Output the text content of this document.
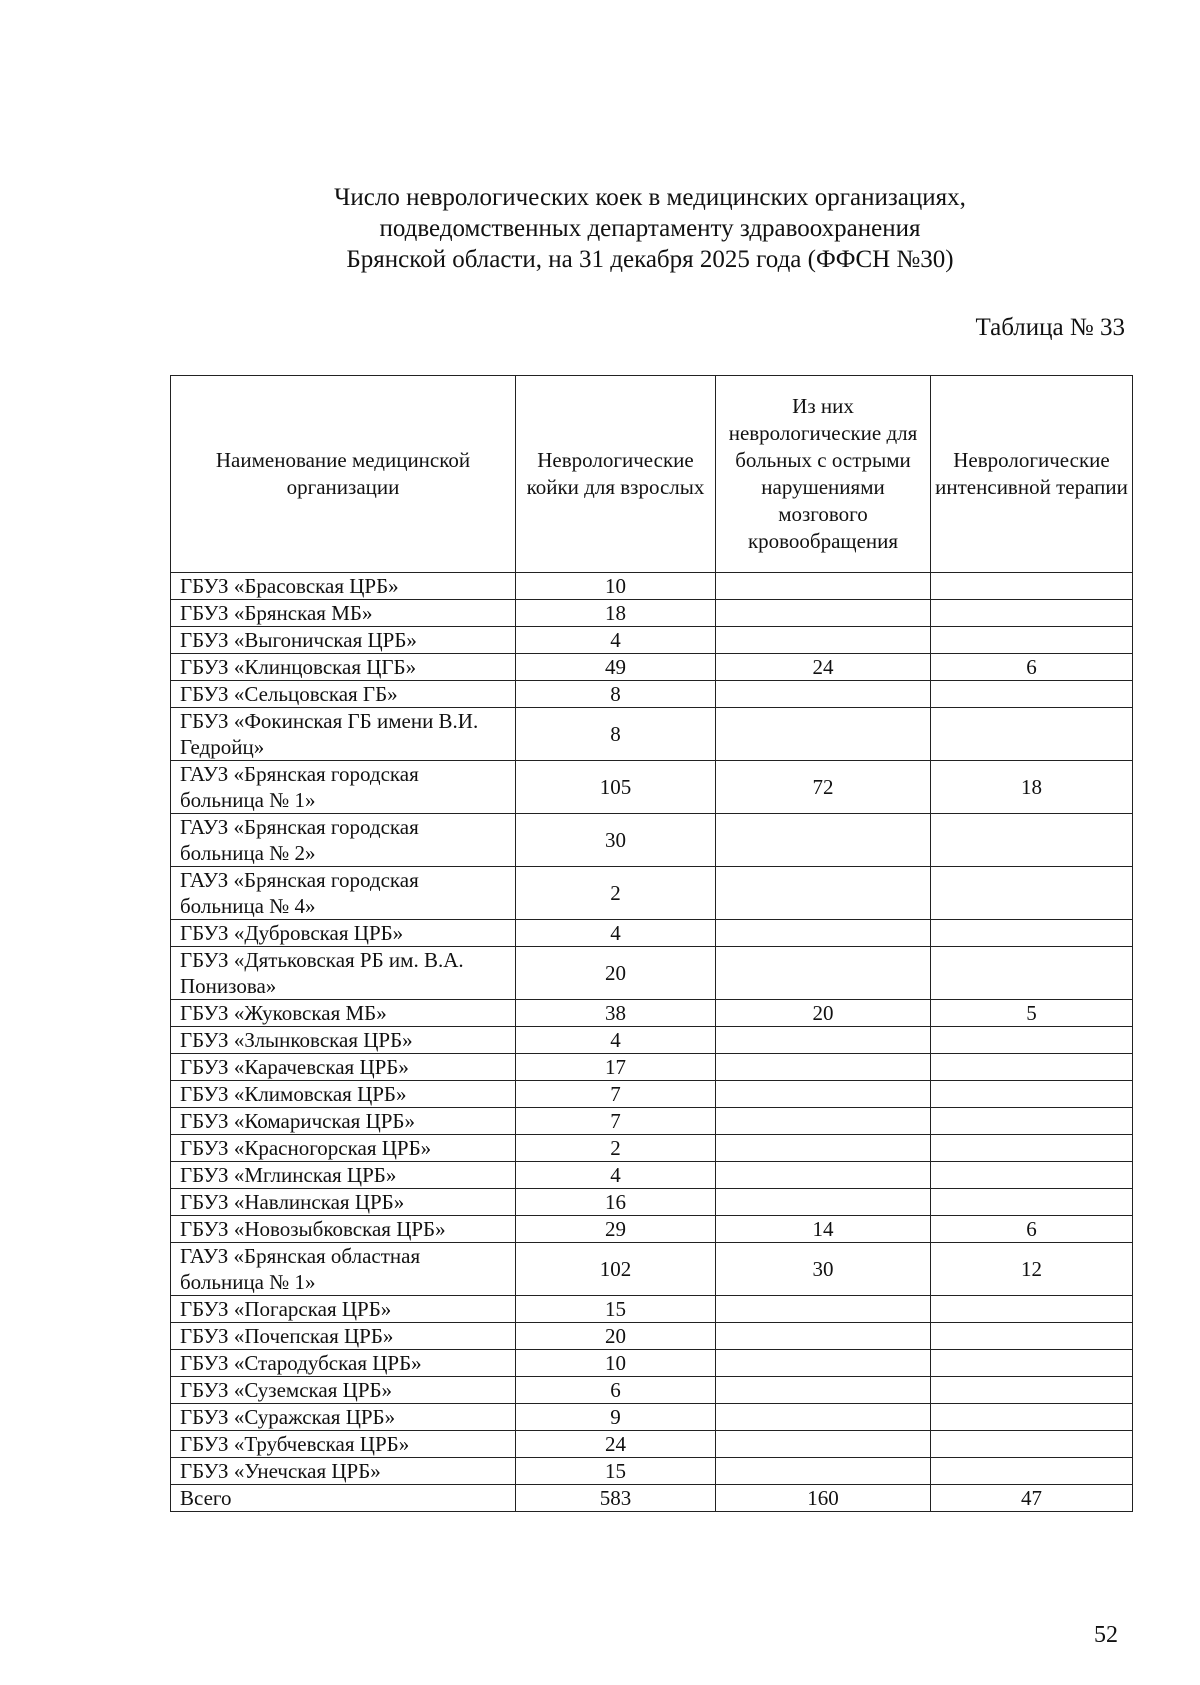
Число неврологических коек в медицинских организациях,
подведомственных департаменту здравоохранения
Брянской области, на 31 декабря 2025 года (ФФСН №30)
Таблица № 33
Наименование медицинской организации	Неврологические койки для взрослых	Из них неврологические для больных с острыми нарушениями мозгового кровообращения	Неврологические интенсивной терапии
ГБУЗ «Брасовская ЦРБ»	10		
ГБУЗ «Брянская МБ»	18		
ГБУЗ «Выгоничская ЦРБ»	4		
ГБУЗ «Клинцовская ЦГБ»	49	24	6
ГБУЗ «Сельцовская ГБ»	8		
ГБУЗ «Фокинская ГБ имени В.И. Гедройц»	8		
ГАУЗ «Брянская городская больница № 1»	105	72	18
ГАУЗ «Брянская городская больница № 2»	30		
ГАУЗ «Брянская городская больница № 4»	2		
ГБУЗ «Дубровская ЦРБ»	4		
ГБУЗ «Дятьковская РБ им. В.А. Понизова»	20		
ГБУЗ «Жуковская МБ»	38	20	5
ГБУЗ «Злынковская ЦРБ»	4		
ГБУЗ «Карачевская ЦРБ»	17		
ГБУЗ «Климовская ЦРБ»	7		
ГБУЗ «Комаричская ЦРБ»	7		
ГБУЗ «Красногорская ЦРБ»	2		
ГБУЗ «Мглинская ЦРБ»	4		
ГБУЗ «Навлинская ЦРБ»	16		
ГБУЗ «Новозыбковская ЦРБ»	29	14	6
ГАУЗ «Брянская областная больница № 1»	102	30	12
ГБУЗ «Погарская ЦРБ»	15		
ГБУЗ «Почепская ЦРБ»	20		
ГБУЗ «Стародубская ЦРБ»	10		
ГБУЗ «Суземская ЦРБ»	6		
ГБУЗ «Суражская ЦРБ»	9		
ГБУЗ «Трубчевская ЦРБ»	24		
ГБУЗ «Унечская ЦРБ»	15		
Всего	583	160	47
52
